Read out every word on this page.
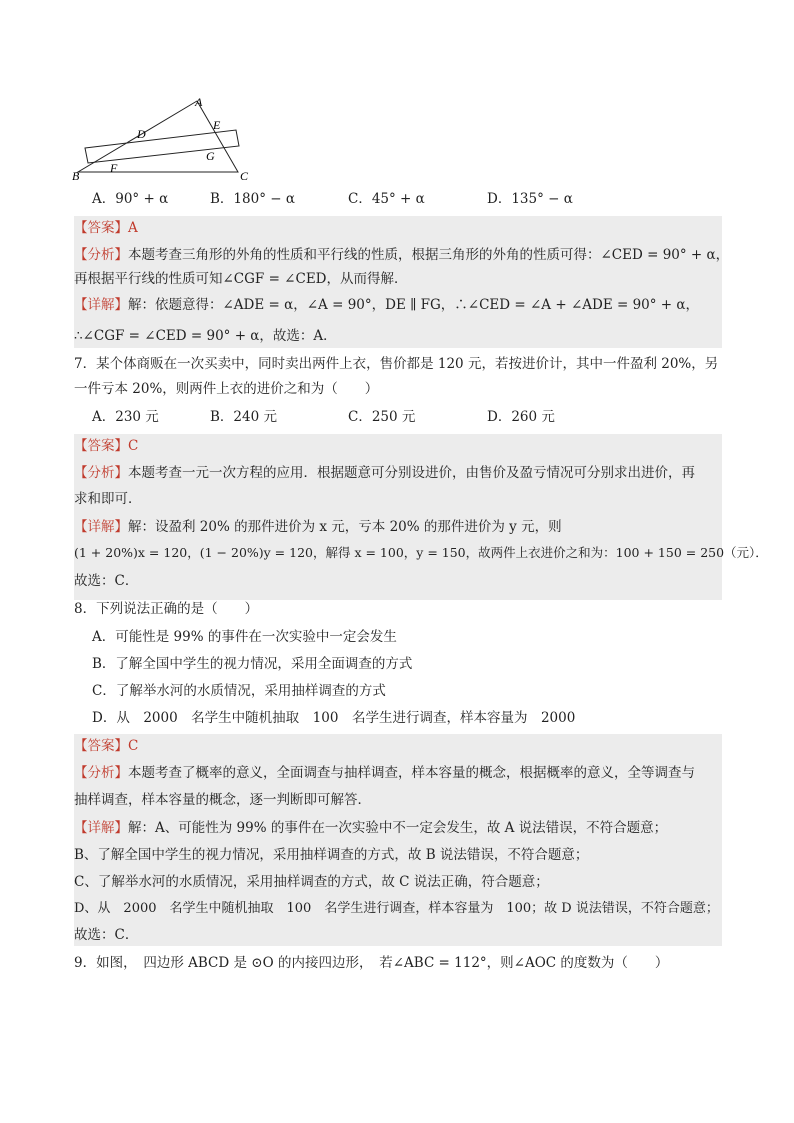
A
B	C
D
E
F
G
A．90° + α	B．180° − α	C．45° + α	D．135° − α
【答案】A
【分析】本题考查三角形的外角的性质和平行线的性质，根据三角形的外角的性质可得：∠CED = 90° + α，
再根据平行线的性质可知∠CGF = ∠CED，从而得解．
【详解】解：依题意得：∠ADE = α，∠A = 90°，DE ∥ FG，∴∠CED = ∠A + ∠ADE = 90° + α，
∴∠CGF = ∠CED = 90° + α，故选：A．
7．某个体商贩在一次买卖中，同时卖出两件上衣，售价都是 120 元，若按进价计，其中一件盈利 20%，另
一件亏本 20%，则两件上衣的进价之和为（　　）
A．230 元	B．240 元	C．250 元	D．260 元
【答案】C
【分析】本题考查一元一次方程的应用．根据题意可分别设进价，由售价及盈亏情况可分别求出进价，再
求和即可．
【详解】解：设盈利 20% 的那件进价为 x 元，亏本 20% 的那件进价为 y 元，则
(1 + 20%)x = 120，(1 − 20%)y = 120，解得 x = 100，y = 150，故两件上衣进价之和为：100 + 150 = 250（元）．
故选：C．
8．下列说法正确的是（　　）
A．可能性是 99% 的事件在一次实验中一定会发生
B．了解全国中学生的视力情况，采用全面调查的方式
C．了解举水河的水质情况，采用抽样调查的方式
D．从　2000　名学生中随机抽取　100　名学生进行调查，样本容量为　2000
【答案】C
【分析】本题考查了概率的意义，全面调查与抽样调查，样本容量的概念，根据概率的意义，全等调查与
抽样调查，样本容量的概念，逐一判断即可解答．
【详解】解：A、可能性为 99% 的事件在一次实验中不一定会发生，故 A 说法错误，不符合题意；
B、了解全国中学生的视力情况，采用抽样调查的方式，故 B 说法错误，不符合题意；
C、了解举水河的水质情况，采用抽样调查的方式，故 C 说法正确，符合题意；
D、从　2000　名学生中随机抽取　100　名学生进行调查，样本容量为　100；故 D 说法错误，不符合题意；
故选：C．
9．如图，　四边形 ABCD 是 ⊙O 的内接四边形，　若∠ABC = 112°，则∠AOC 的度数为（　　）
